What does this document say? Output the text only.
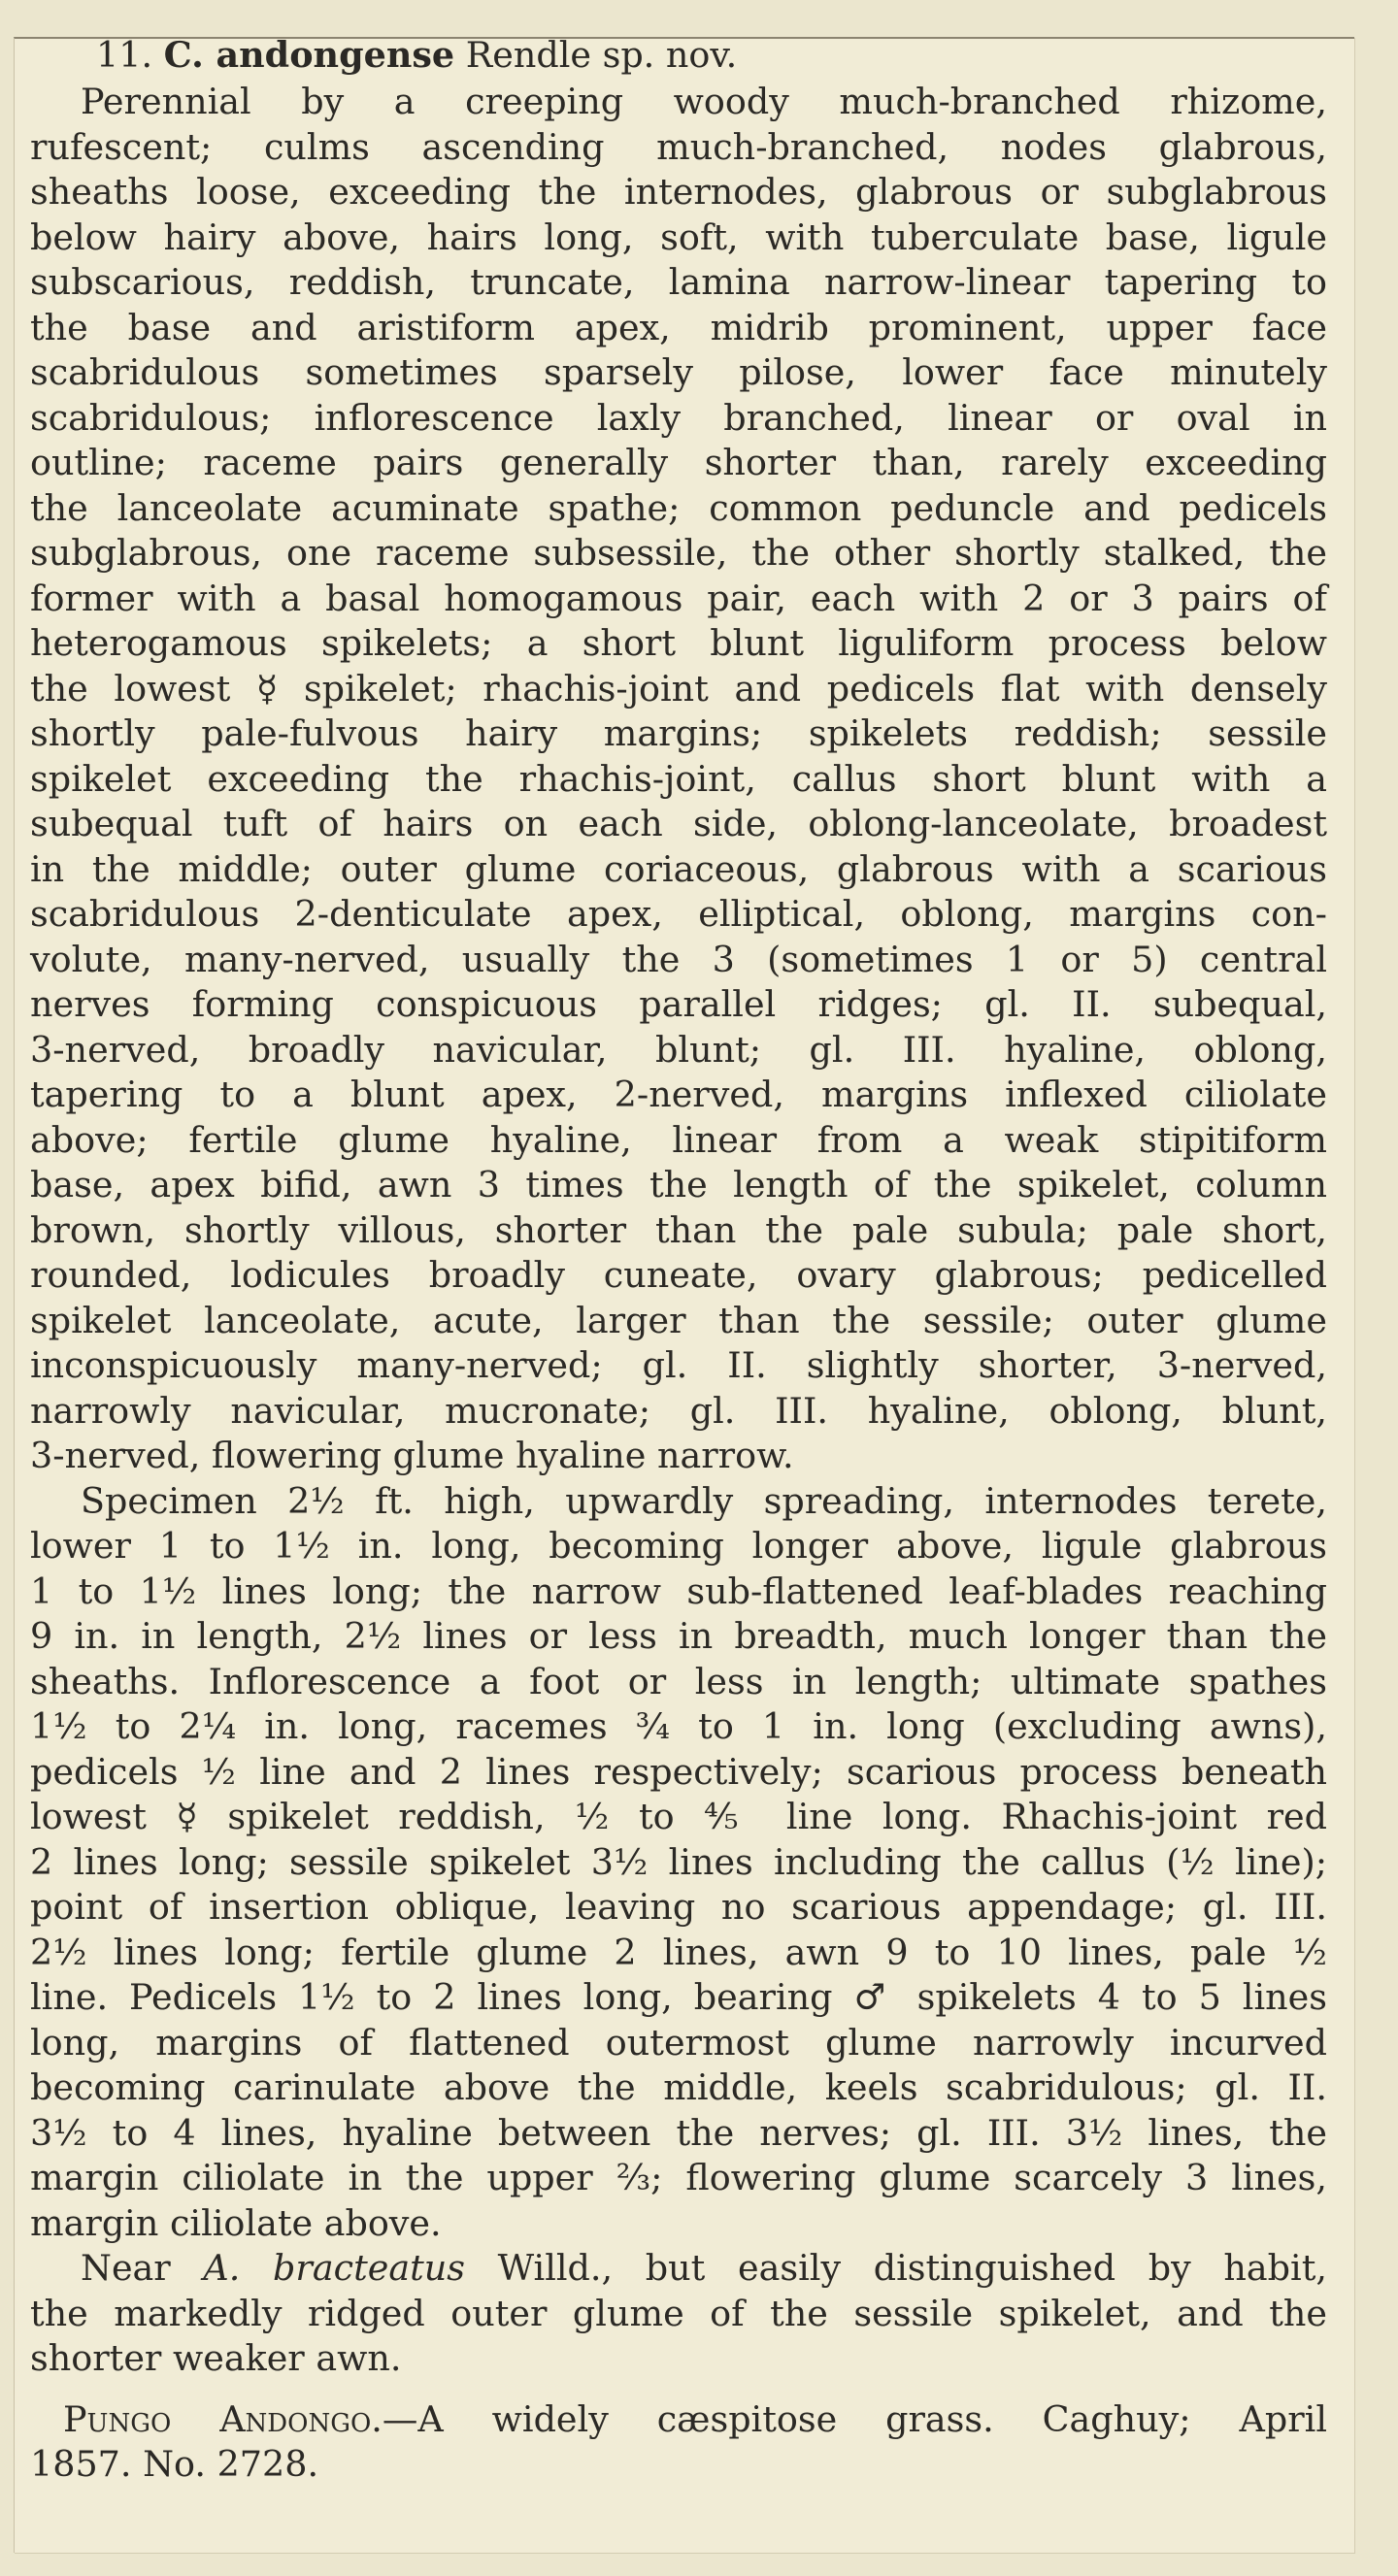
11. C. andongense Rendle sp. nov.
Perennial by a creeping woody much-branched rhizome,
rufescent; culms ascending much-branched, nodes glabrous,
sheaths loose, exceeding the internodes, glabrous or subglabrous
below hairy above, hairs long, soft, with tuberculate base, ligule
subscarious, reddish, truncate, lamina narrow-linear tapering to
the base and aristiform apex, midrib prominent, upper face
scabridulous sometimes sparsely pilose, lower face minutely
scabridulous; inflorescence laxly branched, linear or oval in
outline; raceme pairs generally shorter than, rarely exceeding
the lanceolate acuminate spathe; common peduncle and pedicels
subglabrous, one raceme subsessile, the other shortly stalked, the
former with a basal homogamous pair, each with 2 or 3 pairs of
heterogamous spikelets; a short blunt liguliform process below
the lowest ☿ spikelet; rhachis-joint and pedicels flat with densely
shortly pale-fulvous hairy margins; spikelets reddish; sessile
spikelet exceeding the rhachis-joint, callus short blunt with a
subequal tuft of hairs on each side, oblong-lanceolate, broadest
in the middle; outer glume coriaceous, glabrous with a scarious
scabridulous 2-denticulate apex, elliptical, oblong, margins con-
volute, many-nerved, usually the 3 (sometimes 1 or 5) central
nerves forming conspicuous parallel ridges; gl. II. subequal,
3-nerved, broadly navicular, blunt; gl. III. hyaline, oblong,
tapering to a blunt apex, 2-nerved, margins inflexed ciliolate
above; fertile glume hyaline, linear from a weak stipitiform
base, apex bifid, awn 3 times the length of the spikelet, column
brown, shortly villous, shorter than the pale subula; pale short,
rounded, lodicules broadly cuneate, ovary glabrous; pedicelled
spikelet lanceolate, acute, larger than the sessile; outer glume
inconspicuously many-nerved; gl. II. slightly shorter, 3-nerved,
narrowly navicular, mucronate; gl. III. hyaline, oblong, blunt,
3-nerved, flowering glume hyaline narrow.
Specimen 2½ ft. high, upwardly spreading, internodes terete,
lower 1 to 1½ in. long, becoming longer above, ligule glabrous
1 to 1½ lines long; the narrow sub-flattened leaf-blades reaching
9 in. in length, 2½ lines or less in breadth, much longer than the
sheaths. Inflorescence a foot or less in length; ultimate spathes
1½ to 2¼ in. long, racemes ¾ to 1 in. long (excluding awns),
pedicels ½ line and 2 lines respectively; scarious process beneath
lowest ☿ spikelet reddish, ½ to ⅘ line long. Rhachis-joint red
2 lines long; sessile spikelet 3½ lines including the callus (½ line);
point of insertion oblique, leaving no scarious appendage; gl. III.
2½ lines long; fertile glume 2 lines, awn 9 to 10 lines, pale ½
line. Pedicels 1½ to 2 lines long, bearing ♂ spikelets 4 to 5 lines
long, margins of flattened outermost glume narrowly incurved
becoming carinulate above the middle, keels scabridulous; gl. II.
3½ to 4 lines, hyaline between the nerves; gl. III. 3½ lines, the
margin ciliolate in the upper ⅔; flowering glume scarcely 3 lines,
margin ciliolate above.
Near A. bracteatus Willd., but easily distinguished by habit,
the markedly ridged outer glume of the sessile spikelet, and the
shorter weaker awn.
Pungo Andongo.—A widely cæspitose grass. Caghuy; April
1857. No. 2728.
